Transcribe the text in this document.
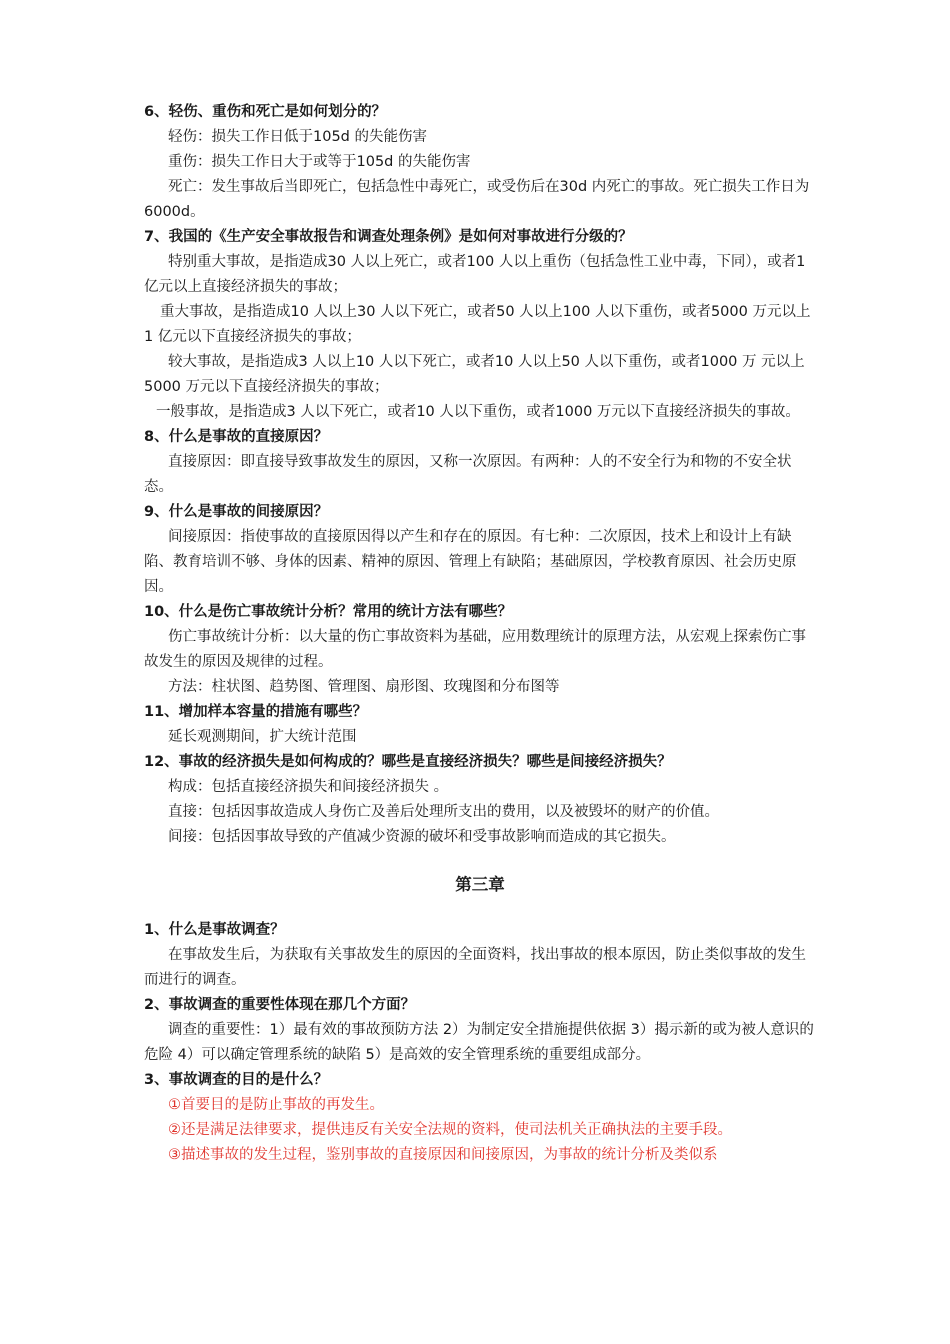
6、轻伤、重伤和死亡是如何划分的？

轻伤：损失工作日低于105d 的失能伤害

重伤：损失工作日大于或等于105d 的失能伤害

死亡：发生事故后当即死亡，包括急性中毒死亡，或受伤后在30d 内死亡的事故。死亡损失工作日为6000d。

7、我国的《生产安全事故报告和调查处理条例》是如何对事故进行分级的？

特别重大事故，是指造成30 人以上死亡，或者100 人以上重伤（包括急性工业中毒，下同），或者1 亿元以上直接经济损失的事故；

重大事故，是指造成10 人以上30 人以下死亡，或者50 人以上100 人以下重伤，或者5000 万元以上1 亿元以下直接经济损失的事故；

较大事故，是指造成3 人以上10 人以下死亡，或者10 人以上50 人以下重伤，或者1000 万 元以上5000 万元以下直接经济损失的事故；

一般事故，是指造成3 人以下死亡，或者10 人以下重伤，或者1000 万元以下直接经济损失的事故。

8、什么是事故的直接原因？

直接原因：即直接导致事故发生的原因，又称一次原因。有两种：人的不安全行为和物的不安全状态。

9、什么是事故的间接原因？

间接原因：指使事故的直接原因得以产生和存在的原因。有七种：二次原因，技术上和设计上有缺陷、教育培训不够、身体的因素、精神的原因、管理上有缺陷；基础原因，学校教育原因、社会历史原因。

10、什么是伤亡事故统计分析？常用的统计方法有哪些？

伤亡事故统计分析：以大量的伤亡事故资料为基础，应用数理统计的原理方法，从宏观上探索伤亡事故发生的原因及规律的过程。

方法：柱状图、趋势图、管理图、扇形图、玫瑰图和分布图等

11、增加样本容量的措施有哪些？

延长观测期间，扩大统计范围

12、事故的经济损失是如何构成的？哪些是直接经济损失？哪些是间接经济损失？

构成：包括直接经济损失和间接经济损失 。

直接：包括因事故造成人身伤亡及善后处理所支出的费用，以及被毁坏的财产的价值。

间接：包括因事故导致的产值减少资源的破坏和受事故影响而造成的其它损失。

第三章

1、什么是事故调查？

在事故发生后，为获取有关事故发生的原因的全面资料，找出事故的根本原因，防止类似事故的发生而进行的调查。

2、事故调查的重要性体现在那几个方面？

调查的重要性：1）最有效的事故预防方法 2）为制定安全措施提供依据 3）揭示新的或为被人意识的危险 4）可以确定管理系统的缺陷 5）是高效的安全管理系统的重要组成部分。

3、事故调查的目的是什么？

①首要目的是防止事故的再发生。

②还是满足法律要求，提供违反有关安全法规的资料，使司法机关正确执法的主要手段。

③描述事故的发生过程，鉴别事故的直接原因和间接原因，为事故的统计分析及类似系
